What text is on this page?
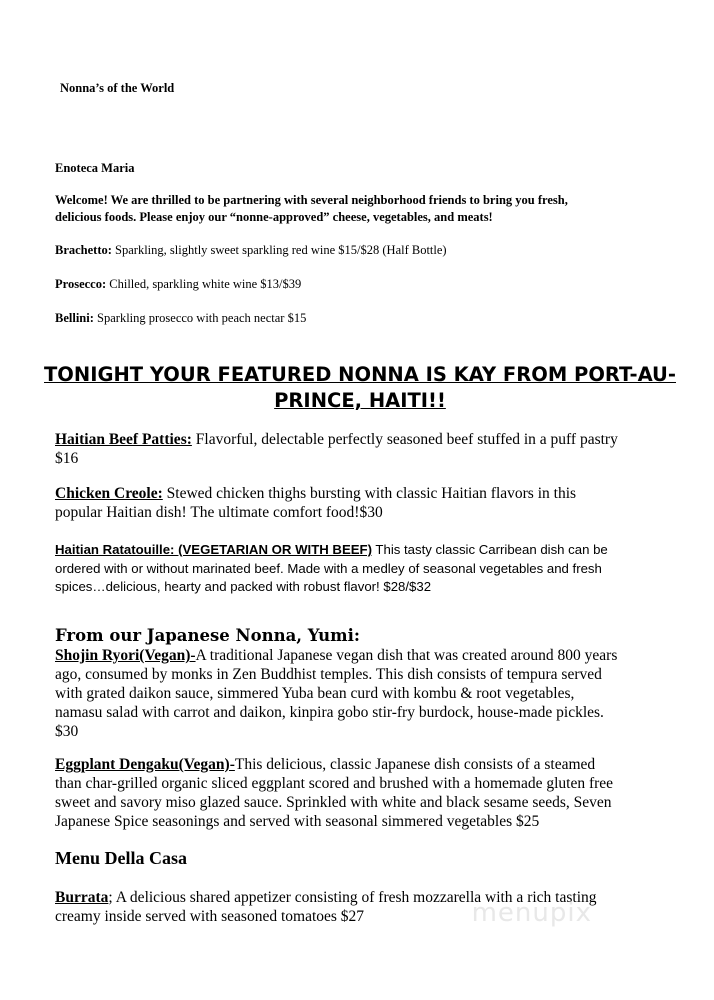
Nonna’s of the World
Enoteca Maria
Welcome! We are thrilled to be partnering with several neighborhood friends to bring you fresh, delicious foods. Please enjoy our “nonne-approved” cheese, vegetables, and meats!
Brachetto: Sparkling, slightly sweet sparkling red wine $15/$28 (Half Bottle)
Prosecco: Chilled, sparkling white wine $13/$39
Bellini: Sparkling prosecco with peach nectar $15
TONIGHT YOUR FEATURED NONNA IS KAY FROM PORT-AU-PRINCE, HAITI!!
Haitian Beef Patties: Flavorful, delectable perfectly seasoned beef stuffed in a puff pastry $16
Chicken Creole: Stewed chicken thighs bursting with classic Haitian flavors in this popular Haitian dish! The ultimate comfort food!$30
Haitian Ratatouille: (VEGETARIAN OR WITH BEEF) This tasty classic Carribean dish can be ordered with or without marinated beef. Made with a medley of seasonal vegetables and fresh spices…delicious, hearty and packed with robust flavor! $28/$32
From our Japanese Nonna, Yumi:
Shojin Ryori(Vegan)-A traditional Japanese vegan dish that was created around 800 years ago, consumed by monks in Zen Buddhist temples. This dish consists of tempura served with grated daikon sauce, simmered Yuba bean curd with kombu & root vegetables, namasu salad with carrot and daikon, kinpira gobo stir-fry burdock, house-made pickles. $30
Eggplant Dengaku(Vegan)-This delicious, classic Japanese dish consists of a steamed than char-grilled organic sliced eggplant scored and brushed with a homemade gluten free sweet and savory miso glazed sauce. Sprinkled with white and black sesame seeds, Seven Japanese Spice seasonings and served with seasonal simmered vegetables $25
Menu Della Casa
Burrata; A delicious shared appetizer consisting of fresh mozzarella with a rich tasting creamy inside served with seasoned tomatoes $27	menupix
